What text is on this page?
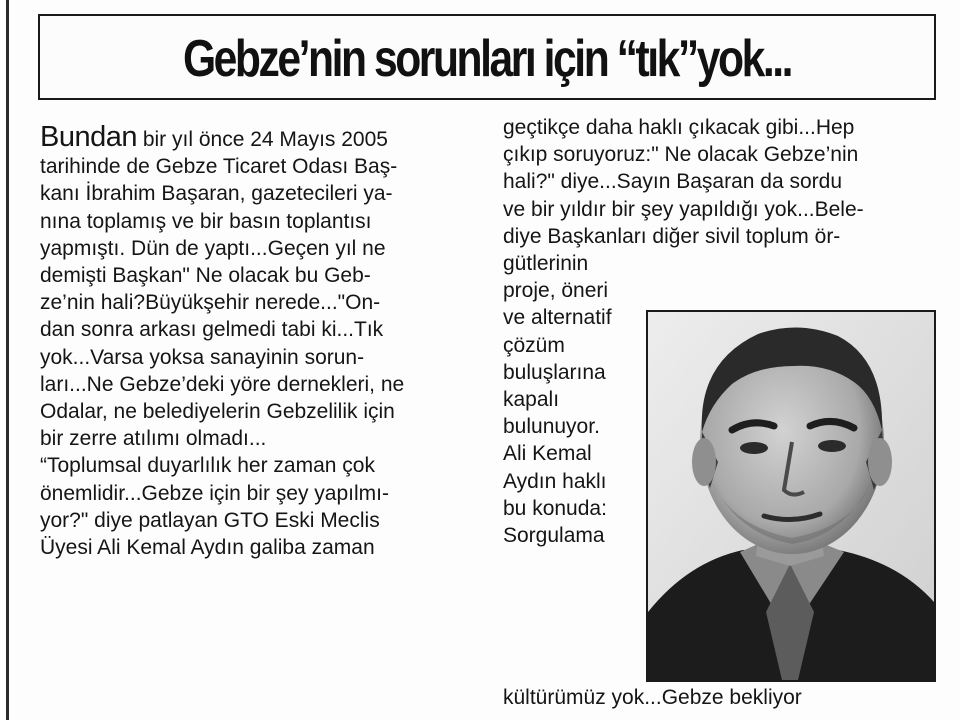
Gebze’nin sorunları için “tık”yok...
Bundan bir yıl önce 24 Mayıs 2005
tarihinde de Gebze Ticaret Odası Baş-
kanı İbrahim Başaran, gazetecileri ya-
nına toplamış ve bir basın toplantısı
yapmıştı. Dün de yaptı...Geçen yıl ne
demişti Başkan" Ne olacak bu Geb-
ze’nin hali?Büyükşehir nerede..."On-
dan sonra arkası gelmedi tabi ki...Tık
yok...Varsa yoksa sanayinin sorun-
ları...Ne Gebze’deki yöre dernekleri, ne
Odalar, ne belediyelerin Gebzelilik için
bir zerre atılımı olmadı...
“Toplumsal duyarlılık her zaman çok
önemlidir...Gebze için bir şey yapılmı-
yor?" diye patlayan GTO Eski Meclis
Üyesi Ali Kemal Aydın galiba zaman
geçtikçe daha haklı çıkacak gibi...Hep
çıkıp soruyoruz:" Ne olacak Gebze’nin
hali?" diye...Sayın Başaran da sordu
ve bir yıldır bir şey yapıldığı yok...Bele-
diye Başkanları diğer sivil toplum ör-
gütlerinin
proje, öneri
ve alternatif
çözüm
buluşlarına
kapalı
bulunuyor.
Ali Kemal
Aydın haklı
bu konuda:
Sorgulama
kültürümüz yok...Gebze bekliyor
